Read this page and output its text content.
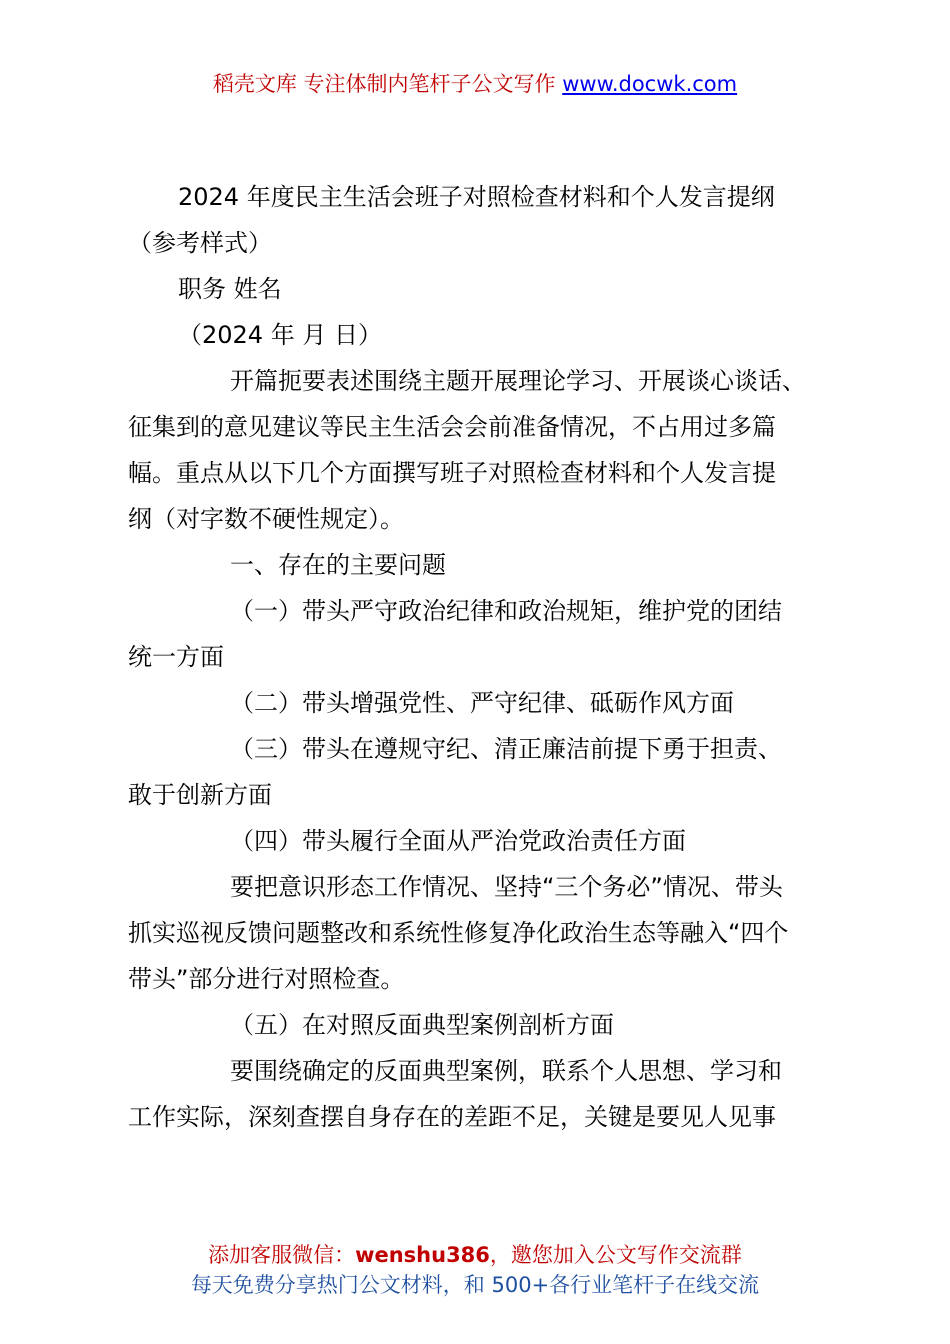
稻壳文库 专注体制内笔杆子公文写作 www.docwk.com

2024 年度民主生活会班子对照检查材料和个人发言提纲

（参考样式）

职务 姓名

（2024 年 月 日）

开篇扼要表述围绕主题开展理论学习、开展谈心谈话、

征集到的意见建议等民主生活会会前准备情况，不占用过多篇

幅。重点从以下几个方面撰写班子对照检查材料和个人发言提

纲（对字数不硬性规定）。

一、存在的主要问题

（一）带头严守政治纪律和政治规矩，维护党的团结

统一方面

（二）带头增强党性、严守纪律、砥砺作风方面

（三）带头在遵规守纪、清正廉洁前提下勇于担责、

敢于创新方面

（四）带头履行全面从严治党政治责任方面

要把意识形态工作情况、坚持“三个务必”情况、带头

抓实巡视反馈问题整改和系统性修复净化政治生态等融入“四个

带头”部分进行对照检查。

（五）在对照反面典型案例剖析方面

要围绕确定的反面典型案例，联系个人思想、学习和

工作实际，深刻查摆自身存在的差距不足，关键是要见人见事

添加客服微信：wenshu386，邀您加入公文写作交流群
每天免费分享热门公文材料，和 500+各行业笔杆子在线交流
